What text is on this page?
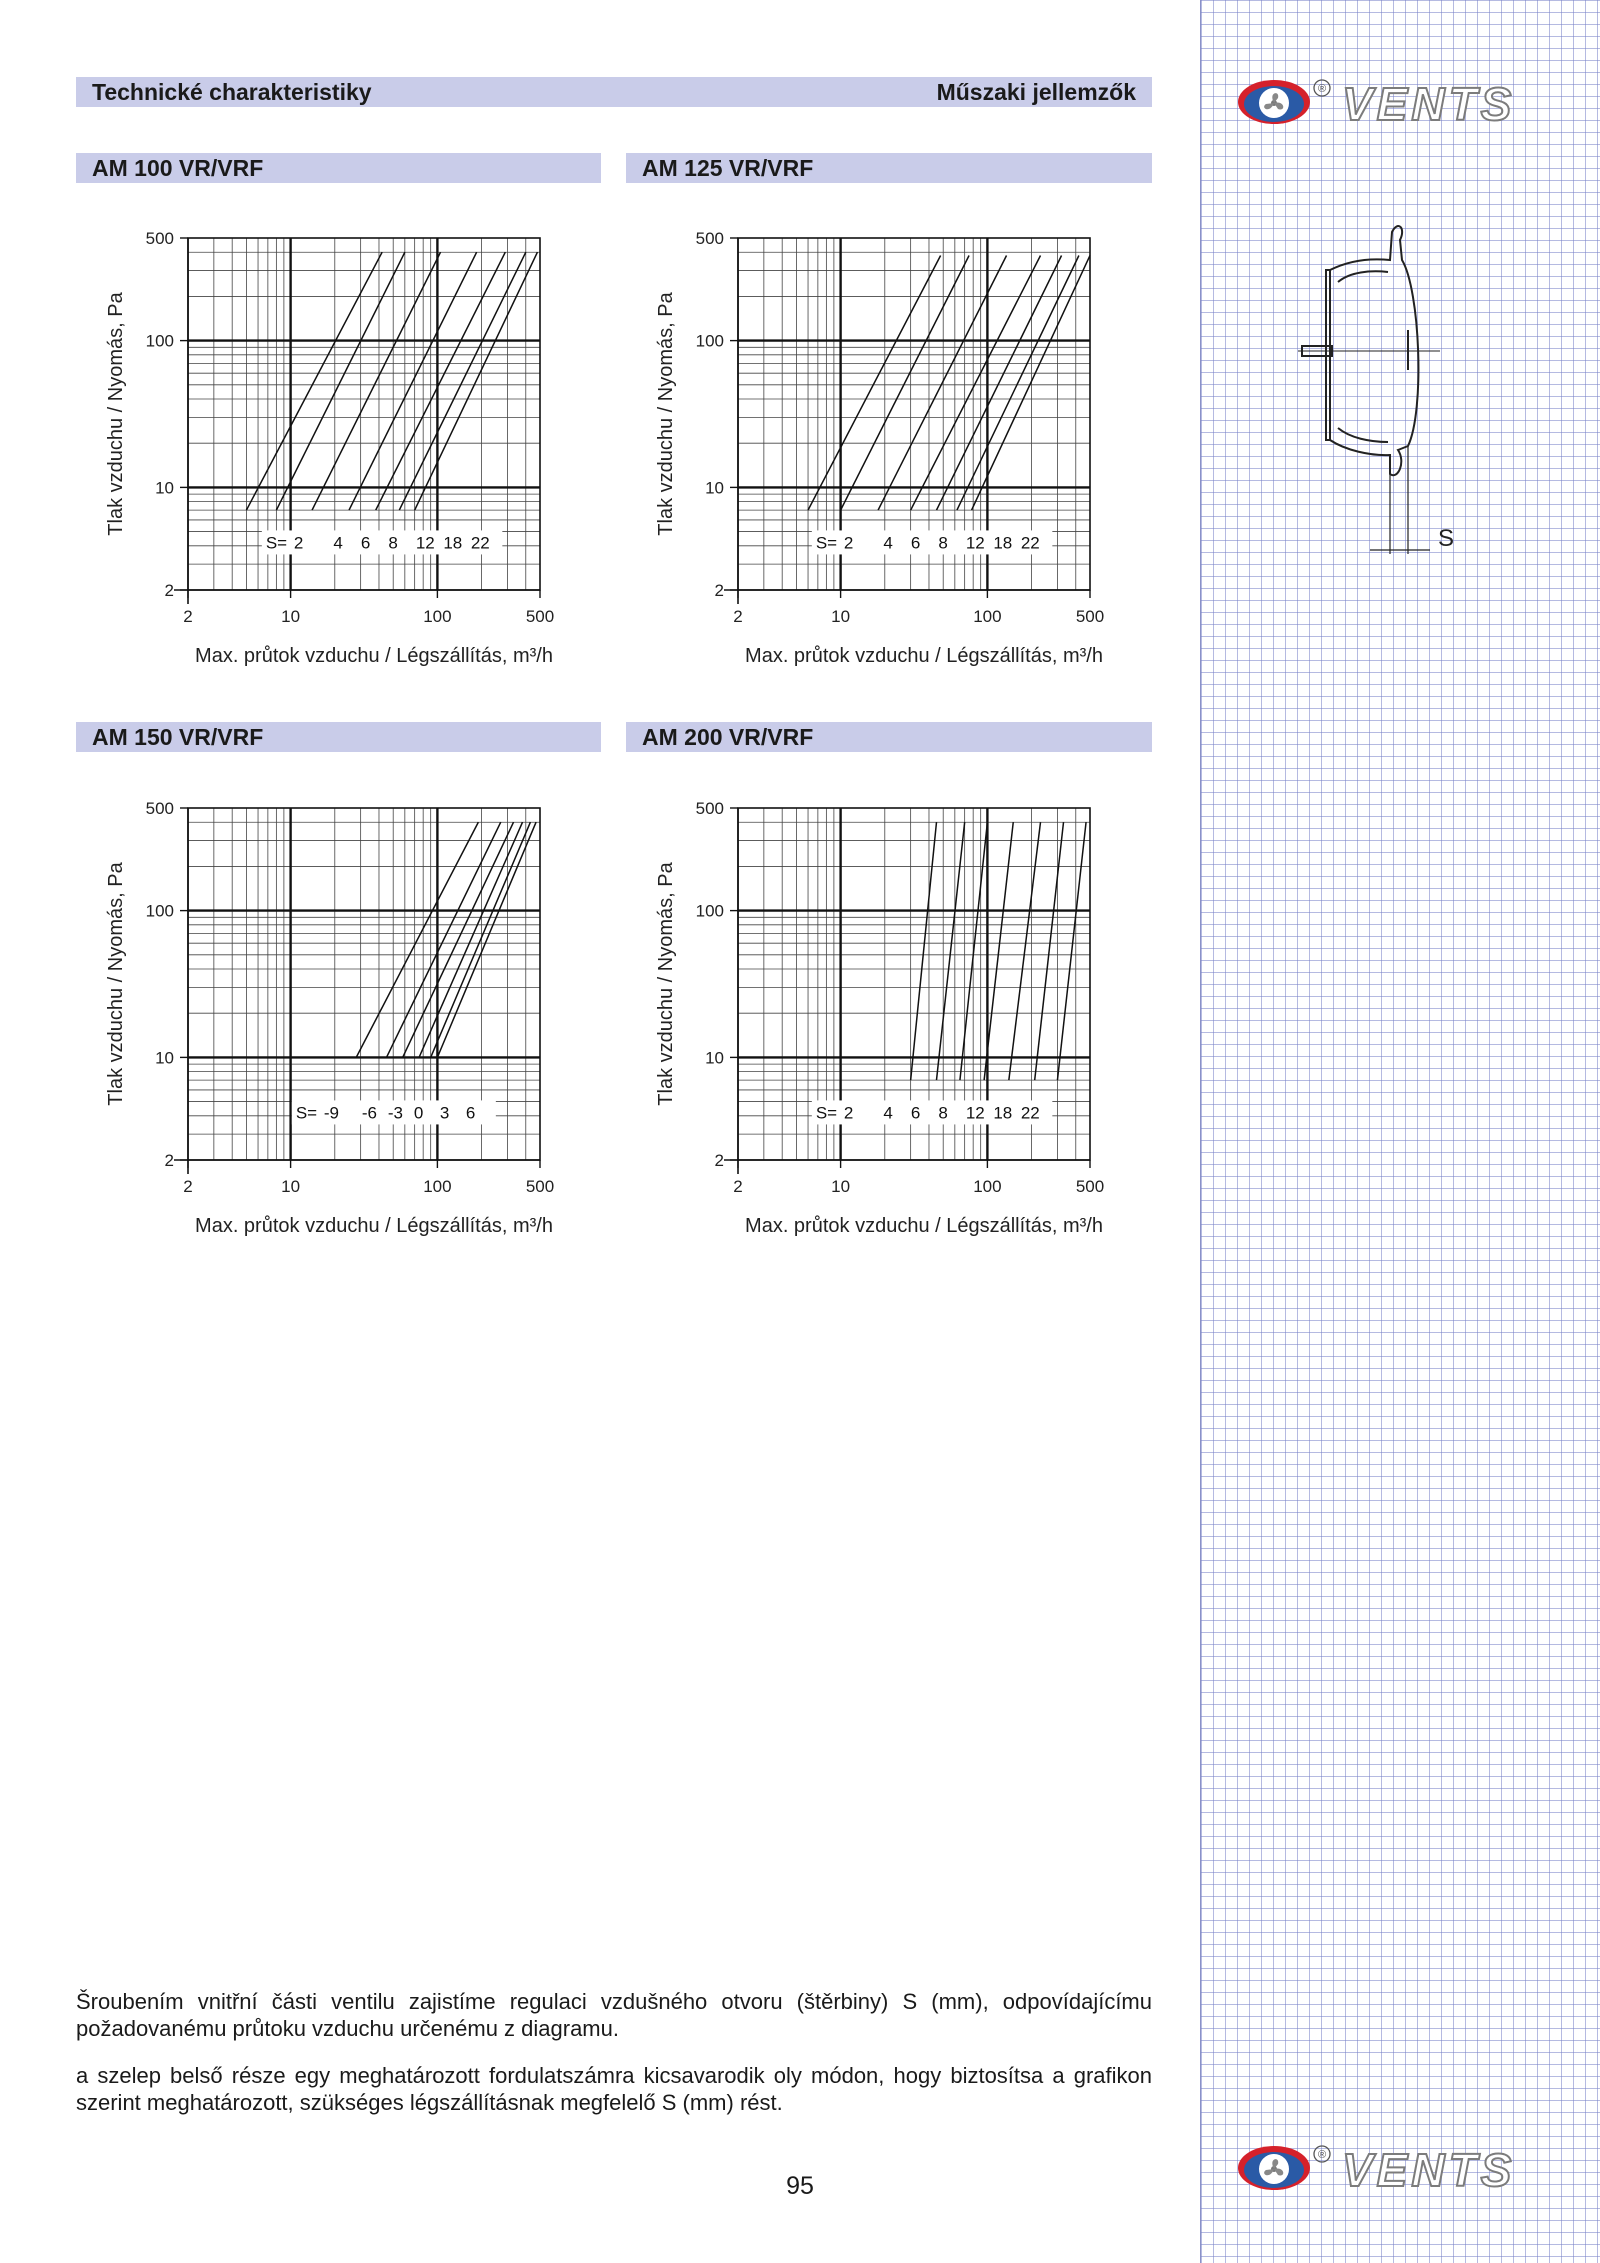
® VENTS
® VENTS
Technické charakteristiky	Műszaki jellemzők
AM 100 VR/VRF	AM 125 VR/VRF
AM 150 VR/VRF	AM 200 VR/VRF
2	10	100	500
500
100
10
2
S= 2 4 6 8 12 18 22
Max. průtok vzduchu / Légszállítás, m³/h
Tlak vzduchu / Nyomás, Pa
2	10	100	500
500
100
10
2
S= 2 4 6 8 12 18 22
Max. průtok vzduchu / Légszállítás, m³/h
Tlak vzduchu / Nyomás, Pa
2	10	100	500
500
100
10
2
S= -9 -6 -3 0 3 6
Max. průtok vzduchu / Légszállítás, m³/h
Tlak vzduchu / Nyomás, Pa
2	10	100	500
500
100
10
2
S= 2 4 6 8 12 18 22
Max. průtok vzduchu / Légszállítás, m³/h
Tlak vzduchu / Nyomás, Pa
S

Šroubením vnitřní části ventilu zajistíme regulaci vzdušného otvoru (štěrbiny) S (mm), odpovídajícímu požadovanému průtoku vzduchu určenému z diagramu.

a szelep belső része egy meghatározott fordulatszámra kicsavarodik oly módon, hogy biztosítsa a grafikon szerint meghatározott, szükséges légszállításnak megfelelő S (mm) rést.

95
